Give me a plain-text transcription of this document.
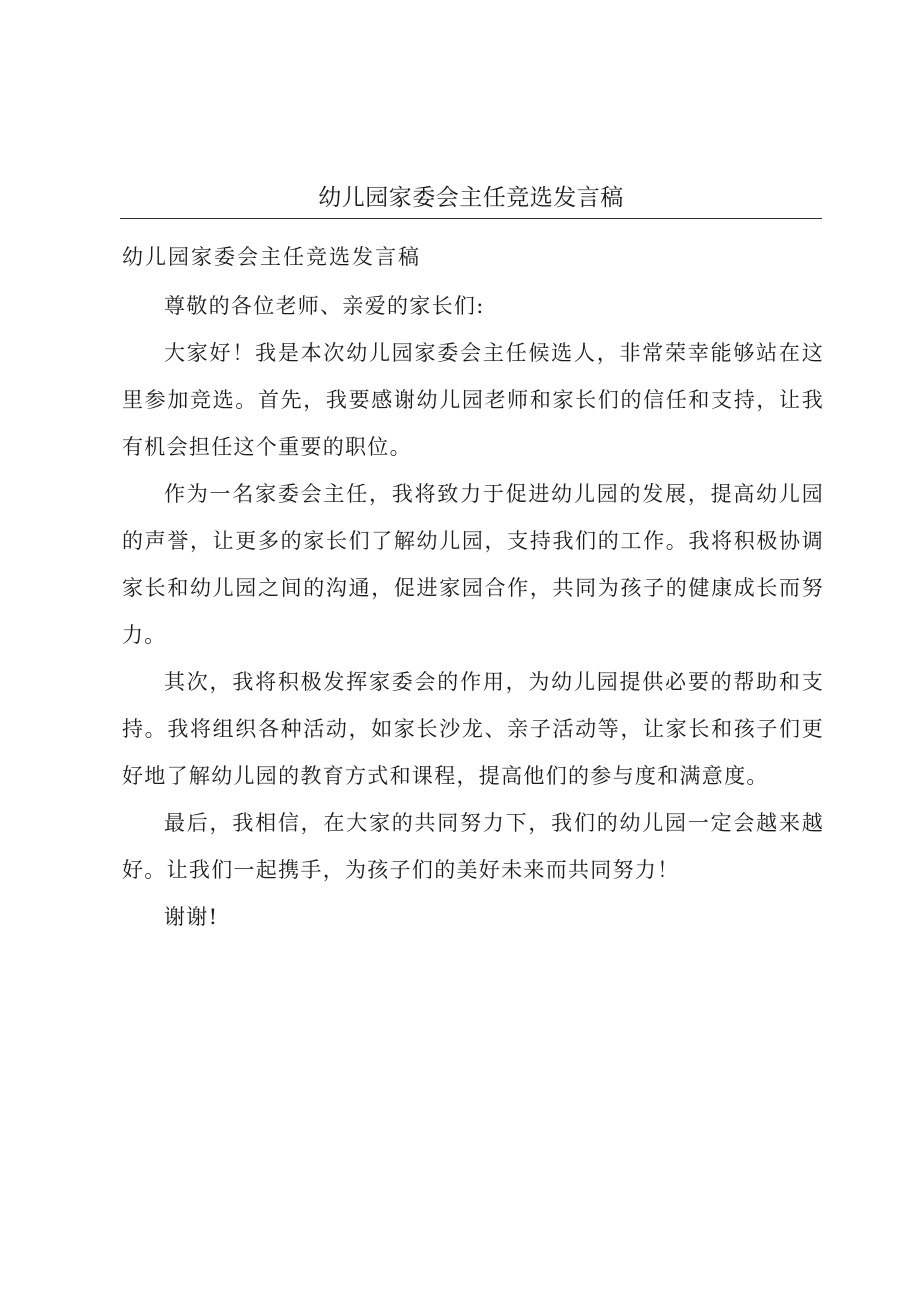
幼儿园家委会主任竞选发言稿
幼儿园家委会主任竞选发言稿

尊敬的各位老师、亲爱的家长们:

大家好！我是本次幼儿园家委会主任候选人，非常荣幸能够站在这里参加竞选。首先，我要感谢幼儿园老师和家长们的信任和支持，让我有机会担任这个重要的职位。

作为一名家委会主任，我将致力于促进幼儿园的发展，提高幼儿园的声誉，让更多的家长们了解幼儿园，支持我们的工作。我将积极协调家长和幼儿园之间的沟通，促进家园合作，共同为孩子的健康成长而努力。

其次，我将积极发挥家委会的作用，为幼儿园提供必要的帮助和支持。我将组织各种活动，如家长沙龙、亲子活动等，让家长和孩子们更好地了解幼儿园的教育方式和课程，提高他们的参与度和满意度。

最后，我相信，在大家的共同努力下，我们的幼儿园一定会越来越好。让我们一起携手，为孩子们的美好未来而共同努力！

谢谢!
